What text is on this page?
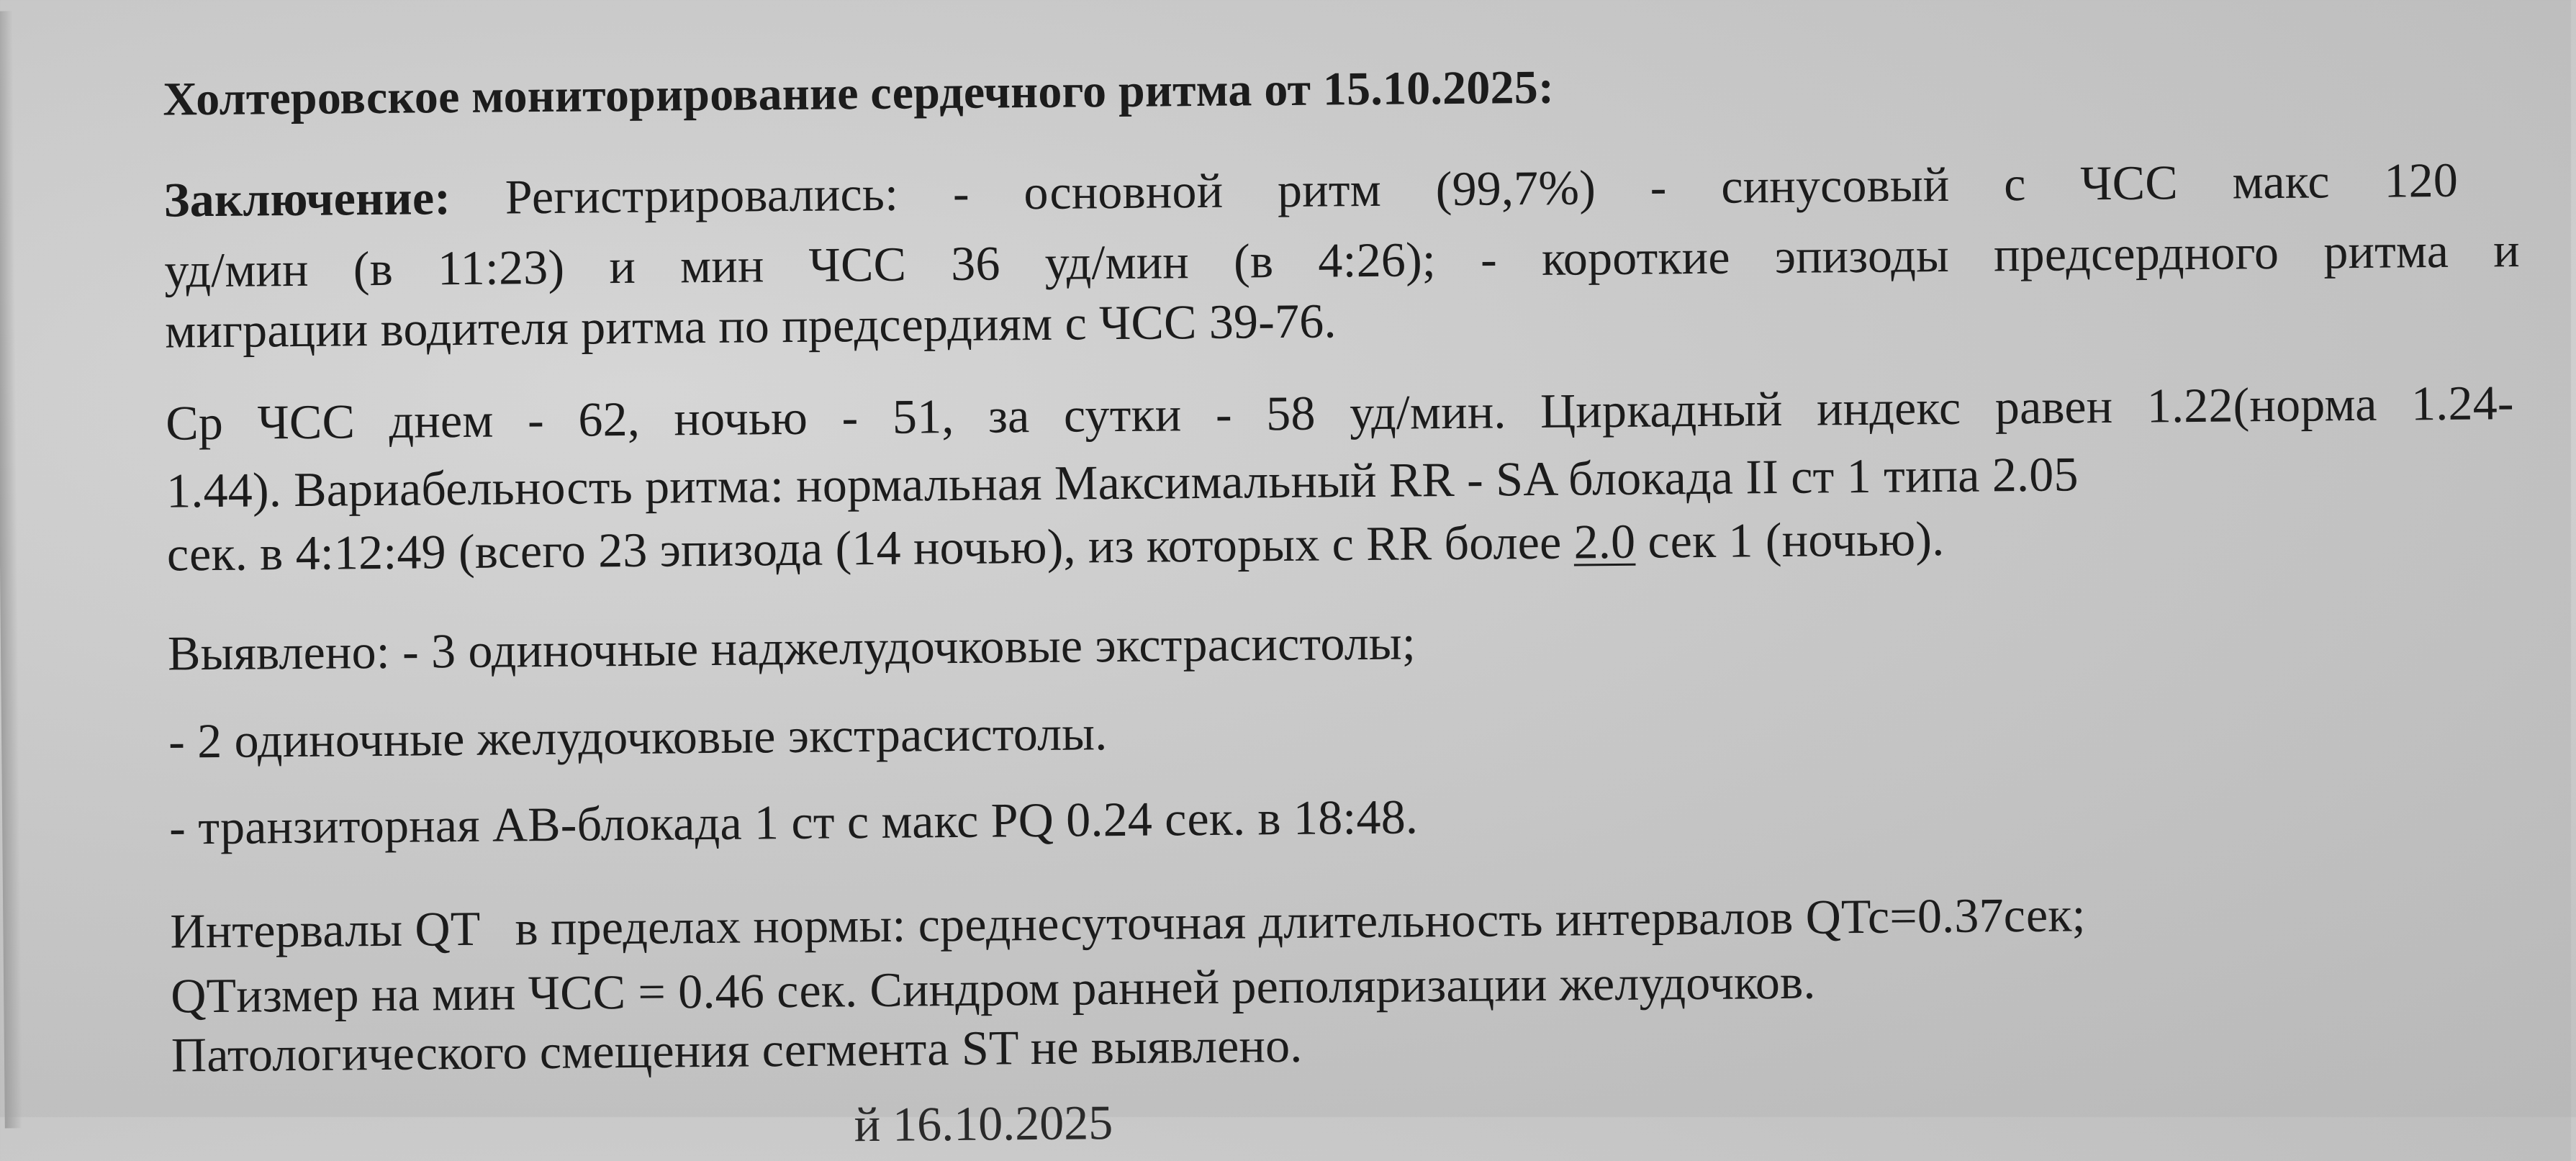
Холтеровское мониторирование сердечного ритма от 15.10.2025:
Заключение: Регистрировались: - основной ритм (99,7%) - синусовый с ЧСС макс 120
уд/мин (в 11:23) и мин ЧСС 36 уд/мин (в 4:26); - короткие эпизоды предсердного ритма и
миграции водителя ритма по предсердиям с ЧСС 39-76.
Ср ЧСС днем - 62, ночью - 51, за сутки - 58 уд/мин. Циркадный индекс равен 1.22(норма 1.24-
1.44). Вариабельность ритма: нормальная Максимальный RR - SA блокада II ст 1 типа 2.05
сек. в 4:12:49 (всего 23 эпизода (14 ночью), из которых с RR более 2.0 сек 1 (ночью).
Выявлено: - 3 одиночные наджелудочковые экстрасистолы;
- 2 одиночные желудочковые экстрасистолы.
- транзиторная АВ-блокада 1 ст с макс PQ 0.24 сек. в 18:48.
Интервалы QT в пределах нормы: среднесуточная длительность интервалов QTc=0.37сек;
QTизмер на мин ЧСС = 0.46 сек. Синдром ранней реполяризации желудочков.
Патологического смещения сегмента ST не выявлено.
й 16.10.2025
